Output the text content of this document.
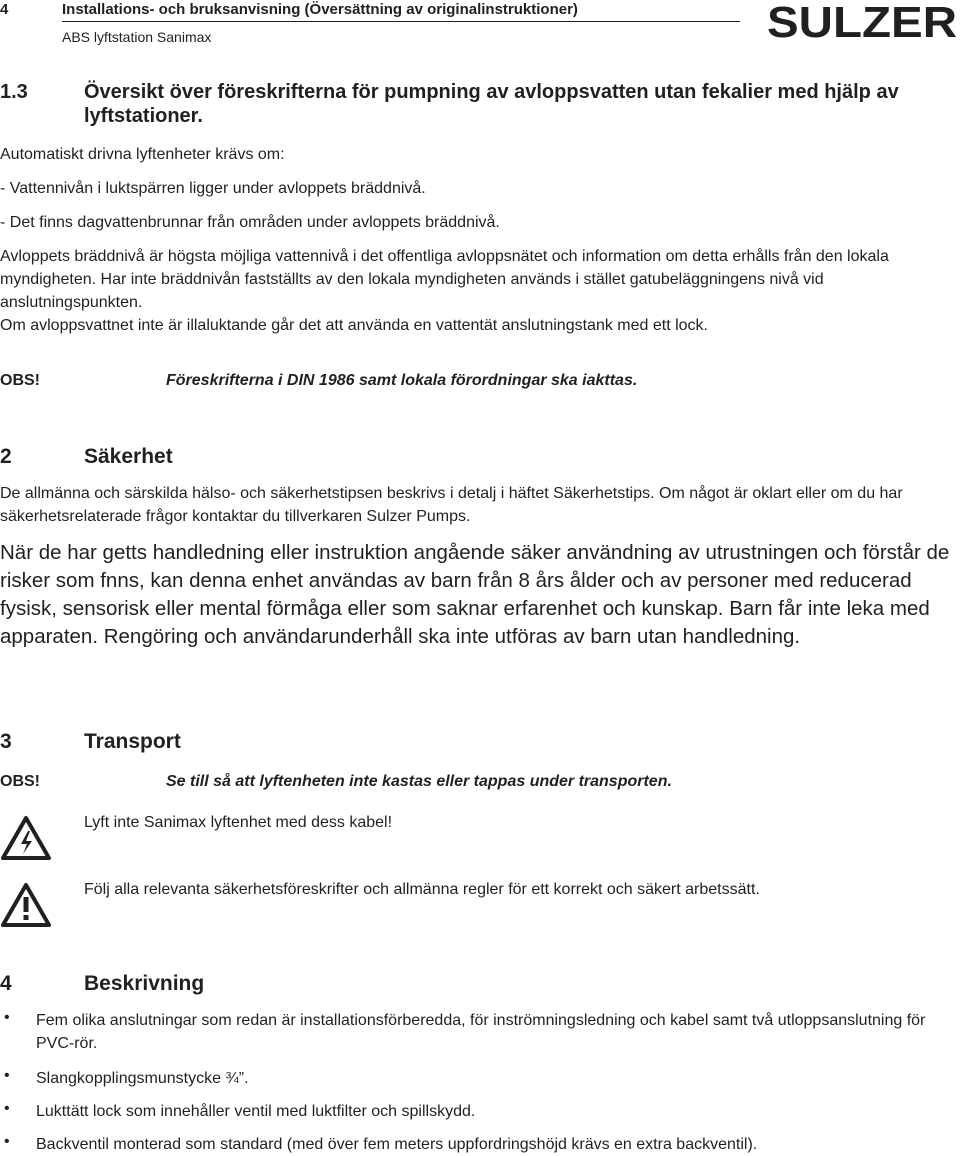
4	Installations- och bruksanvisning (Översättning av originalinstruktioner)
ABS lyftstation Sanimax	SULZER
1.3	Översikt över föreskrifterna för pumpning av avloppsvatten utan fekalier med hjälp av lyftstationer.
Automatiskt drivna lyftenheter krävs om:
- Vattennivån i luktspärren ligger under avloppets bräddnivå.
- Det finns dagvattenbrunnar från områden under avloppets bräddnivå.
Avloppets bräddnivå är högsta möjliga vattennivå i det offentliga avloppsnätet och information om detta erhålls från den lokala myndigheten. Har inte bräddnivån fastställts av den lokala myndigheten används i stället gatubeläggningens nivå vid anslutningspunkten.
Om avloppsvattnet inte är illaluktande går det att använda en vattentät anslutningstank med ett lock.
OBS!	Föreskrifterna i DIN 1986 samt lokala förordningar ska iakttas.
2	Säkerhet
De allmänna och särskilda hälso- och säkerhetstipsen beskrivs i detalj i häftet Säkerhetstips. Om något är oklart eller om du har säkerhetsrelaterade frågor kontaktar du tillverkaren Sulzer Pumps.
När de har getts handledning eller instruktion angående säker användning av utrustningen och förstår de risker som fnns, kan denna enhet användas av barn från 8 års ålder och av personer med reducerad fysisk, sensorisk eller mental förmåga eller som saknar erfarenhet och kunskap. Barn får inte leka med apparaten. Rengöring och användarunderhåll ska inte utföras av barn utan handledning.
3	Transport
OBS!	Se till så att lyftenheten inte kastas eller tappas under transporten.
Lyft inte Sanimax lyftenhet med dess kabel!
Följ alla relevanta säkerhetsföreskrifter och allmänna regler för ett korrekt och säkert arbetssätt.
4	Beskrivning
• Fem olika anslutningar som redan är installationsförberedda, för inströmningsledning och kabel samt två utloppsanslutning för PVC-rör.
• Slangkopplingsmunstycke ¾”.
• Lukttätt lock som innehåller ventil med luktfilter och spillskydd.
• Backventil monterad som standard (med över fem meters uppfordringshöjd krävs en extra backventil).
